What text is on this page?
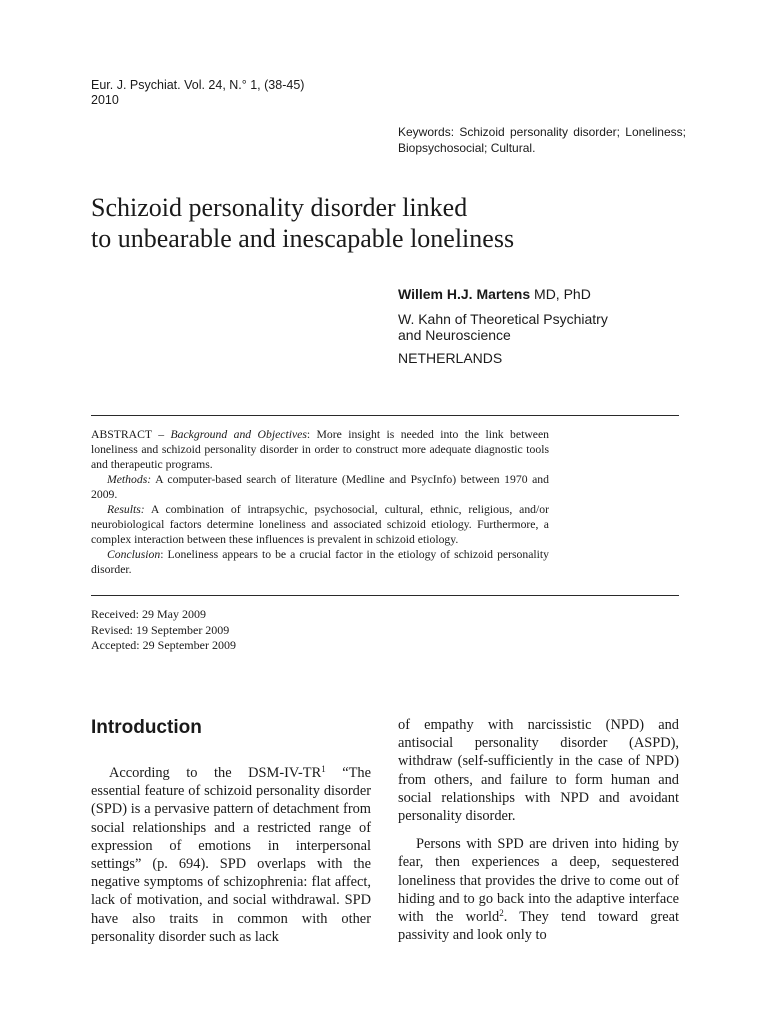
Eur. J. Psychiat. Vol. 24, N.° 1, (38-45)
2010
Keywords: Schizoid personality disorder; Loneliness; Biopsychosocial; Cultural.
Schizoid personality disorder linked
to unbearable and inescapable loneliness
Willem H.J. Martens MD, PhD
W. Kahn of Theoretical Psychiatry
and Neuroscience
NETHERLANDS

ABSTRACT – Background and Objectives: More insight is needed into the link between loneliness and schizoid personality disorder in order to construct more adequate diagnostic tools and therapeutic programs.

Methods: A computer-based search of literature (Medline and PsycInfo) between 1970 and 2009.

Results: A combination of intrapsychic, psychosocial, cultural, ethnic, religious, and/or neurobiological factors determine loneliness and associated schizoid etiology. Furthermore, a complex interaction between these influences is prevalent in schizoid etiology.

Conclusion: Loneliness appears to be a crucial factor in the etiology of schizoid personality disorder.

Received: 29 May 2009
Revised: 19 September 2009
Accepted: 29 September 2009
Introduction

According to the DSM-$IV-TR^1$ “The essential feature of schizoid personality disorder (SPD) is a pervasive pattern of detachment from social relationships and a restricted range of expression of emotions in interpersonal settings” (p. 694). SPD overlaps with the negative symptoms of schizophrenia: flat affect, lack of motivation, and social withdrawal. SPD have also traits in common with other personality disorder such as lack

of empathy with narcissistic (NPD) and antisocial personality disorder (ASPD), withdraw (self-sufficiently in the case of NPD) from others, and failure to form human and social relationships with NPD and avoidant personality disorder.

Persons with SPD are driven into hiding by fear, then experiences a deep, sequestered loneliness that provides the drive to come out of hiding and to go back into the adaptive interface with the world$^2$. They tend toward great passivity and look only to
